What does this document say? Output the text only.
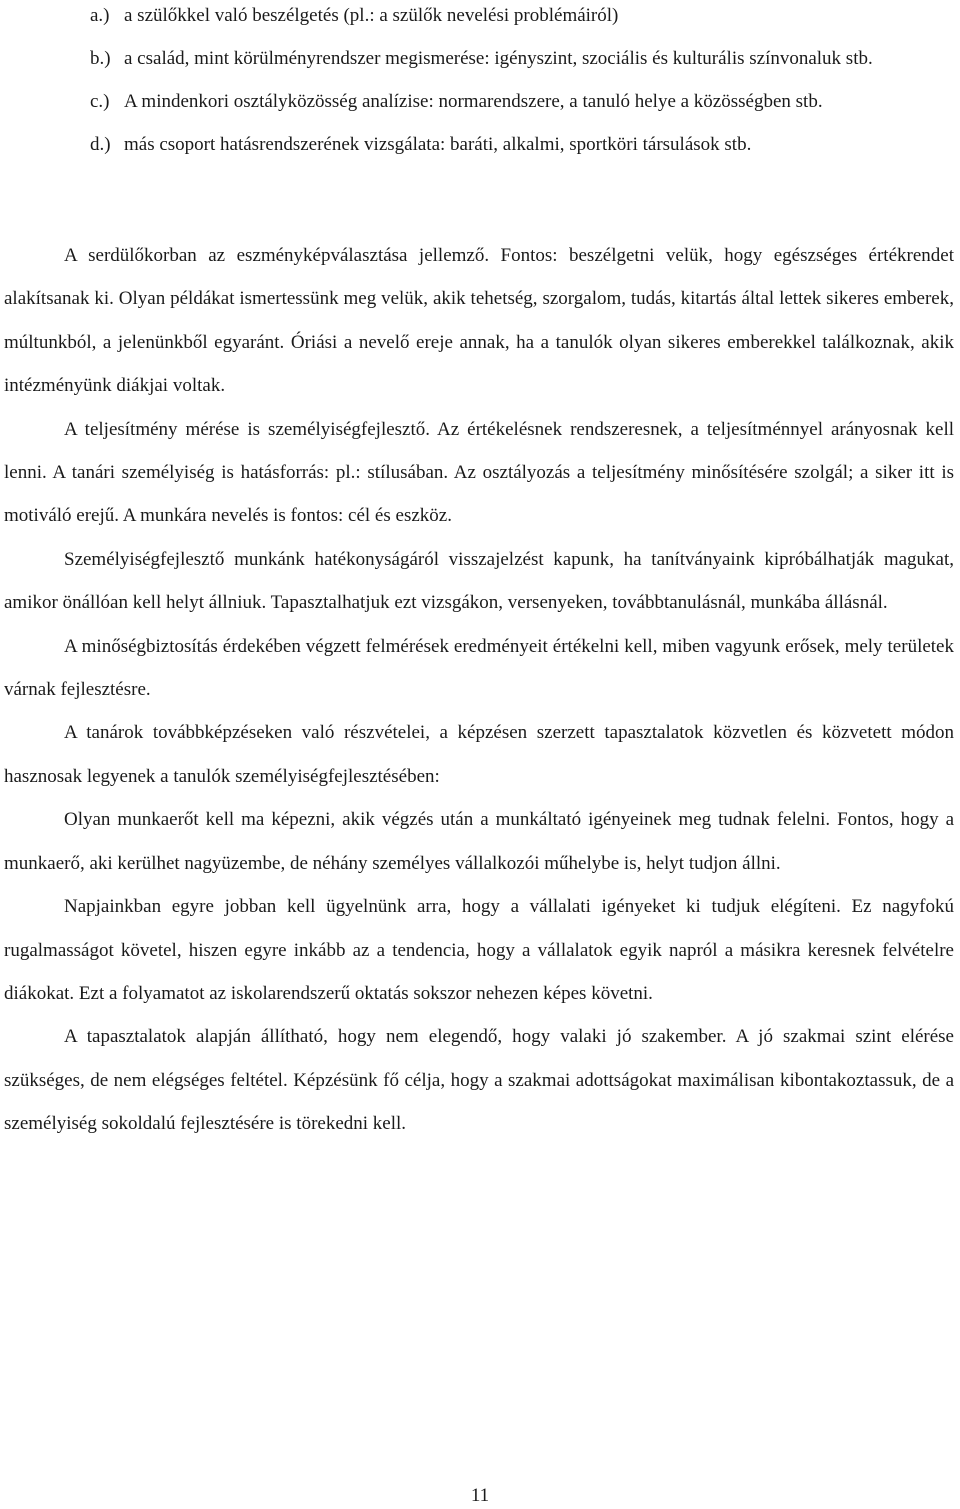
a.) a szülőkkel való beszélgetés (pl.: a szülők nevelési problémáiról)
b.) a család, mint körülményrendszer megismerése: igényszint, szociális és kulturális színvonaluk stb.
c.) A mindenkori osztályközösség analízise: normarendszere, a tanuló helye a közösségben stb.
d.) más csoport hatásrendszerének vizsgálata: baráti, alkalmi, sportköri társulások stb.

A serdülőkorban az eszményképválasztása jellemző. Fontos: beszélgetni velük, hogy egészséges értékrendet alakítsanak ki. Olyan példákat ismertessünk meg velük, akik tehetség, szorgalom, tudás, kitartás által lettek sikeres emberek, múltunkból, a jelenünkből egyaránt. Óriási a nevelő ereje annak, ha a tanulók olyan sikeres emberekkel találkoznak, akik intézményünk diákjai voltak.

A teljesítmény mérése is személyiségfejlesztő. Az értékelésnek rendszeresnek, a teljesítménnyel arányosnak kell lenni. A tanári személyiség is hatásforrás: pl.: stílusában. Az osztályozás a teljesítmény minősítésére szolgál; a siker itt is motiváló erejű. A munkára nevelés is fontos: cél és eszköz.

Személyiségfejlesztő munkánk hatékonyságáról visszajelzést kapunk, ha tanítványaink kipróbálhatják magukat, amikor önállóan kell helyt állniuk. Tapasztalhatjuk ezt vizsgákon, versenyeken, továbbtanulásnál, munkába állásnál.

A minőségbiztosítás érdekében végzett felmérések eredményeit értékelni kell, miben vagyunk erősek, mely területek várnak fejlesztésre.

A tanárok továbbképzéseken való részvételei, a képzésen szerzett tapasztalatok közvetlen és közvetett módon hasznosak legyenek a tanulók személyiségfejlesztésében:

Olyan munkaerőt kell ma képezni, akik végzés után a munkáltató igényeinek meg tudnak felelni. Fontos, hogy a munkaerő, aki kerülhet nagyüzembe, de néhány személyes vállalkozói műhelybe is, helyt tudjon állni.

Napjainkban egyre jobban kell ügyelnünk arra, hogy a vállalati igényeket ki tudjuk elégíteni. Ez nagyfokú rugalmasságot követel, hiszen egyre inkább az a tendencia, hogy a vállalatok egyik napról a másikra keresnek felvételre diákokat. Ezt a folyamatot az iskolarendszerű oktatás sokszor nehezen képes követni.

A tapasztalatok alapján állítható, hogy nem elegendő, hogy valaki jó szakember. A jó szakmai szint elérése szükséges, de nem elégséges feltétel. Képzésünk fő célja, hogy a szakmai adottságokat maximálisan kibontakoztassuk, de a személyiség sokoldalú fejlesztésére is törekedni kell.

11
